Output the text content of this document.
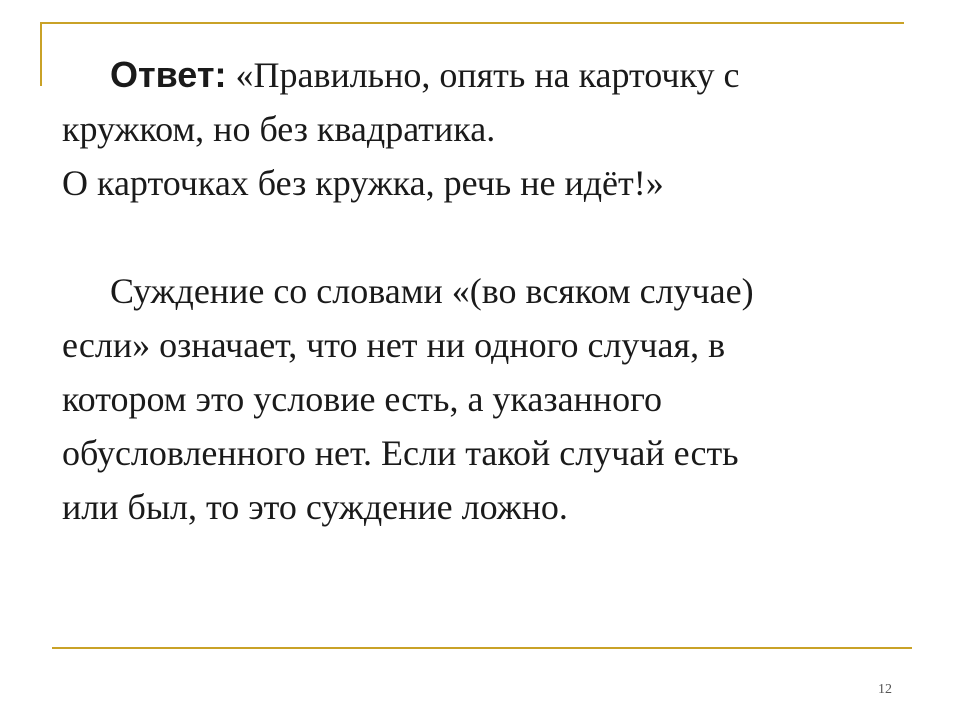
Ответ: «Правильно, опять на карточку с
кружком, но без квадратика.
О карточках без кружка, речь не идёт!»
Суждение со словами «(во всяком случае)
если» означает, что нет ни одного случая, в
котором это условие есть, а указанного
обусловленного нет. Если такой случай есть
или был, то это суждение ложно.
12
